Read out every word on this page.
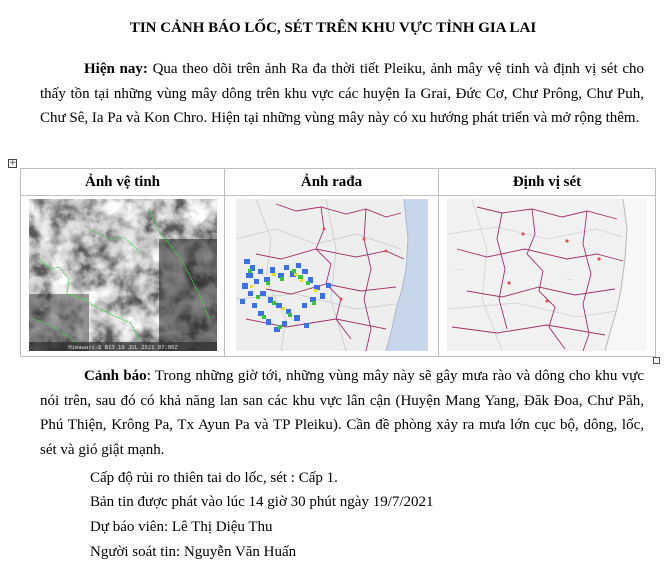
TIN CẢNH BÁO LỐC, SÉT TRÊN KHU VỰC TỈNH GIA LAI
Hiện nay: Qua theo dõi trên ảnh Ra đa thời tiết Pleiku, ảnh mây vệ tinh và định vị sét cho thấy tồn tại những vùng mây dông trên khu vực các huyện Ia Grai, Đức Cơ, Chư Prông, Chư Puh, Chư Sê, Ia Pa và Kon Chro. Hiện tại những vùng mây này có xu hướng phát triển và mở rộng thêm.
+
Ảnh vệ tinh	Ảnh rađa	Định vị sét

Himawari-8 B13 19 JUL 2021 07:00Z		······
·····
Cảnh báo: Trong những giờ tới, những vùng mây này sẽ gây mưa rào và dông cho khu vực nói trên, sau đó có khả năng lan san các khu vực lân cận (Huyện Mang Yang, Đăk Đoa, Chư Păh, Phú Thiện, Krông Pa, Tx Ayun Pa và TP Pleiku). Cần đề phòng xảy ra mưa lớn cục bộ, dông, lốc, sét và gió giật mạnh.
Cấp độ rủi ro thiên tai do lốc, sét : Cấp 1.
Bản tin được phát vào lúc 14 giờ 30 phút ngày 19/7/2021
Dự báo viên: Lê Thị Diệu Thu
Người soát tin: Nguyễn Văn Huấn
